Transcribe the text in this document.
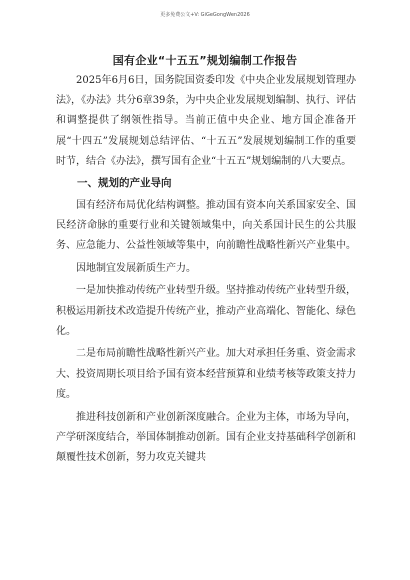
更多免费公文+V: GiGeGongWen2026
国有企业“十五五”规划编制工作报告

2025年6月6日，国务院国资委印发《中央企业发展规划管理办法》，《办法》共分6章39条，为中央企业发展规划编制、执行、评估和调整提供了纲领性指导。当前正值中央企业、地方国企准备开展“十四五”发展规划总结评估、“十五五”发展规划编制工作的重要时节，结合《办法》，撰写国有企业“十五五”规划编制的八大要点。

一、规划的产业导向

国有经济布局优化结构调整。推动国有资本向关系国家安全、国民经济命脉的重要行业和关键领域集中，向关系国计民生的公共服务、应急能力、公益性领域等集中，向前瞻性战略性新兴产业集中。

因地制宜发展新质生产力。

一是加快推动传统产业转型升级。坚持推动传统产业转型升级，积极运用新技术改造提升传统产业，推动产业高端化、智能化、绿色化。

二是布局前瞻性战略性新兴产业。加大对承担任务重、资金需求大、投资周期长项目给予国有资本经营预算和业绩考核等政策支持力度。

推进科技创新和产业创新深度融合。企业为主体，市场为导向，产学研深度结合，举国体制推动创新。国有企业支持基础科学创新和颠覆性技术创新，努力攻克关键共
